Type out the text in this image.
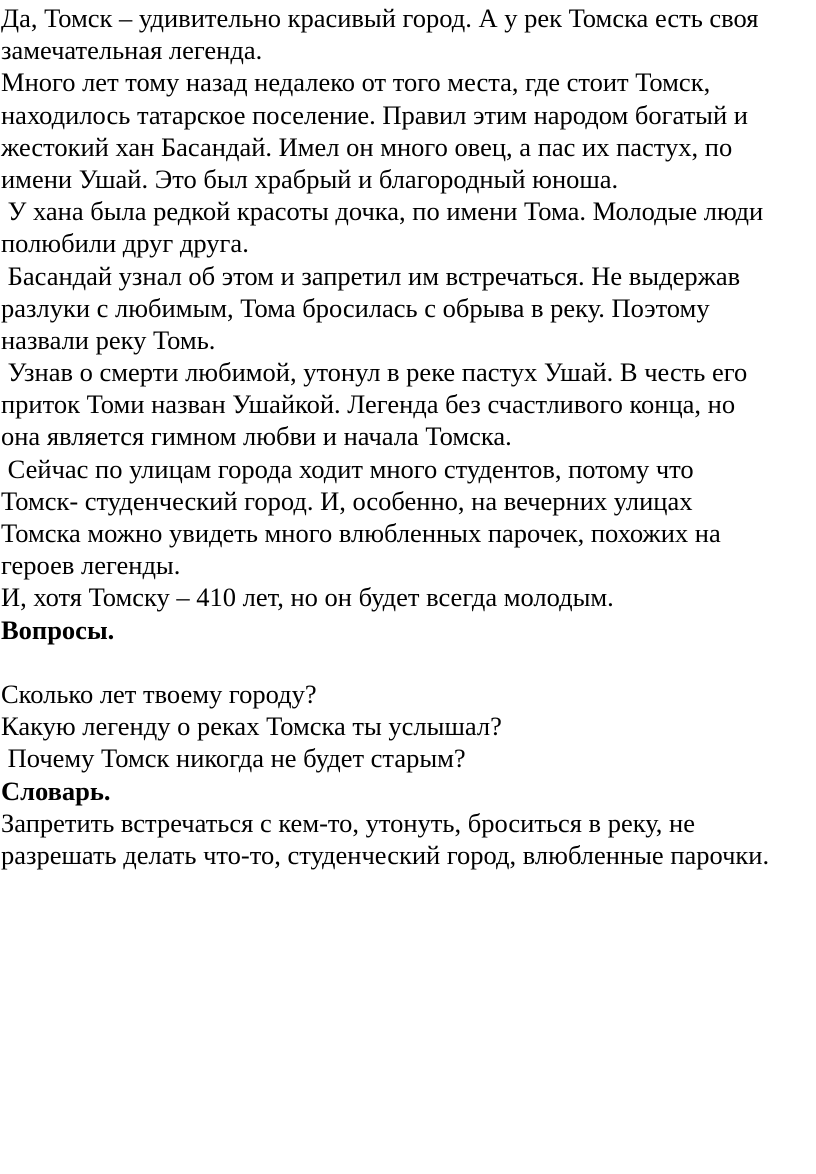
Да, Томск – удивительно красивый город. А у рек Томска есть своя
замечательная легенда.
Много лет тому назад недалеко от того места, где стоит Томск,
находилось татарское поселение. Правил этим народом богатый и
жестокий хан Басандай. Имел он много овец, а пас их пастух, по
имени Ушай. Это был храбрый и благородный юноша.
У хана была редкой красоты дочка, по имени Тома. Молодые люди
полюбили друг друга.
Басандай узнал об этом и запретил им встречаться. Не выдержав
разлуки с любимым, Тома бросилась с обрыва в реку. Поэтому
назвали реку Томь.
Узнав о смерти любимой, утонул в реке пастух Ушай. В честь его
приток Томи назван Ушайкой. Легенда без счастливого конца, но
она является гимном любви и начала Томска.
Сейчас по улицам города ходит много студентов, потому что
Томск- студенческий город. И, особенно, на вечерних улицах
Томска можно увидеть много влюбленных парочек, похожих на
героев легенды.
И, хотя Томску – 410 лет, но он будет всегда молодым.
Вопросы.
Сколько лет твоему городу?
Какую легенду о реках Томска ты услышал?
Почему Томск никогда не будет старым?
Словарь.
Запретить встречаться с кем-то, утонуть, броситься в реку, не
разрешать делать что-то, студенческий город, влюбленные парочки.
